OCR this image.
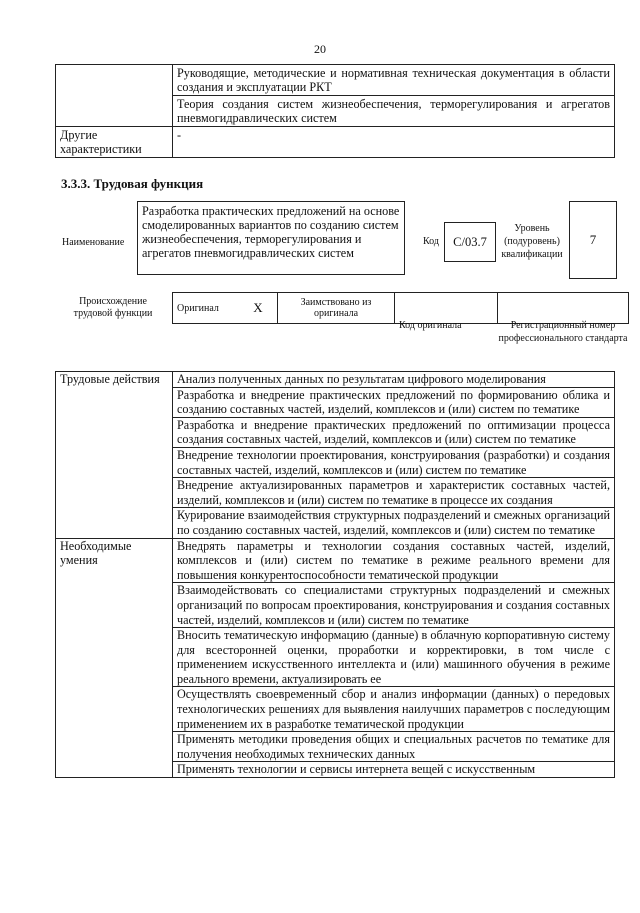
20
	Руководящие, методические и нормативная техническая документация в области создания и эксплуатации РКТ
	Теория создания систем жизнеобеспечения, терморегулирования и агрегатов пневмогидравлических систем
Другие характеристики	-
3.3.3. Трудовая функция
Наименование
Разработка практических предложений на основе смоделированных вариантов по созданию систем жизнеобеспечения, терморегулирования и агрегатов пневмогидравлических систем
Код	C/03.7
Уровень (подуровень) квалификации
7
Происхождение трудовой функции	Оригинал	X	Заимствовано из оригинала		
Код оригинала	Регистрационный номер профессионального стандарта
Трудовые действия	Анализ полученных данных по результатам цифрового моделирования
	Разработка и внедрение практических предложений по формированию облика и созданию составных частей, изделий, комплексов и (или) систем по тематике
	Разработка и внедрение практических предложений по оптимизации процесса создания составных частей, изделий, комплексов и (или) систем по тематике
	Внедрение технологии проектирования, конструирования (разработки) и создания составных частей, изделий, комплексов и (или) систем по тематике
	Внедрение актуализированных параметров и характеристик составных частей, изделий, комплексов и (или) систем по тематике в процессе их создания
	Курирование взаимодействия структурных подразделений и смежных организаций по созданию составных частей, изделий, комплексов и (или) систем по тематике
Необходимые умения	Внедрять параметры и технологии создания составных частей, изделий, комплексов и (или) систем по тематике в режиме реального времени для повышения конкурентоспособности тематической продукции
	Взаимодействовать со специалистами структурных подразделений и смежных организаций по вопросам проектирования, конструирования и создания составных частей, изделий, комплексов и (или) систем по тематике
	Вносить тематическую информацию (данные) в облачную корпоративную систему для всесторонней оценки, проработки и корректировки, в том числе с применением искусственного интеллекта и (или) машинного обучения в режиме реального времени, актуализировать ее
	Осуществлять своевременный сбор и анализ информации (данных) о передовых технологических решениях для выявления наилучших параметров с последующим применением их в разработке тематической продукции
	Применять методики проведения общих и специальных расчетов по тематике для получения необходимых технических данных
	Применять технологии и сервисы интернета вещей с искусственным
